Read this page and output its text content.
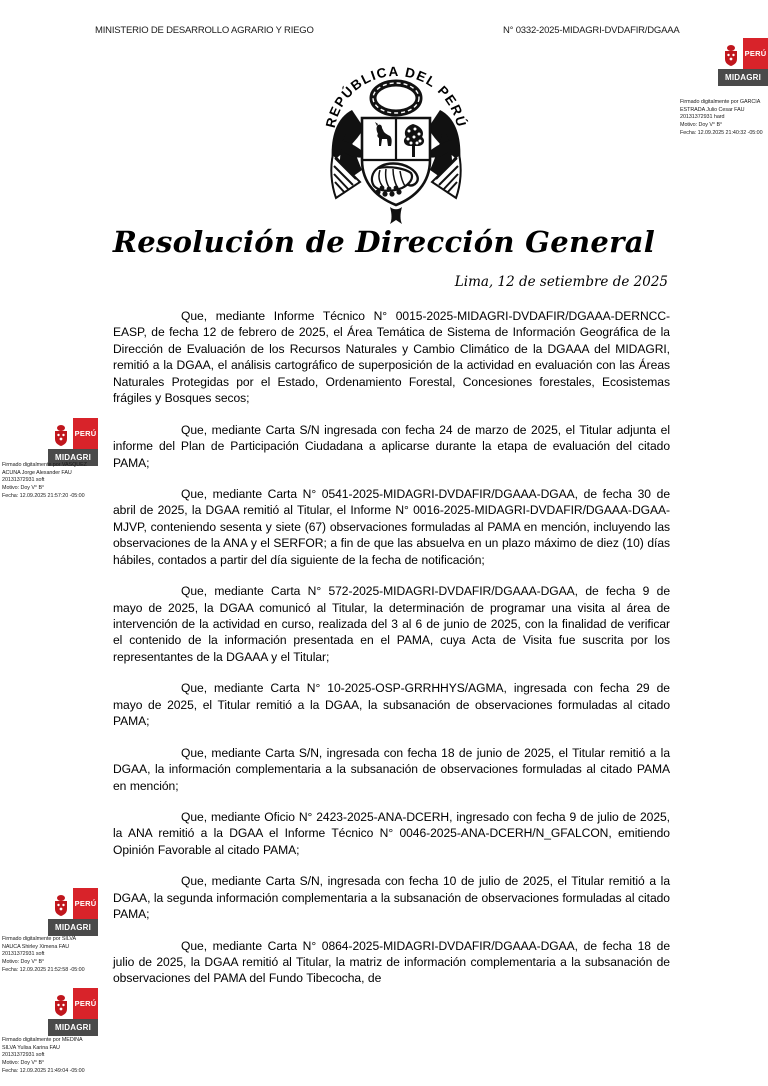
MINISTERIO DE DESARROLLO AGRARIO Y RIEGO	N° 0332-2025-MIDAGRI-DVDAFIR/DGAAA
REPÚBLICA DEL PERÚ
PERÚ
MIDAGRI
Firmado digitalmente por GARCIA
ESTRADA Julio Cesar FAU
20131372931 hard
Motivo: Doy V° B°
Fecha: 12.09.2025 21:40:32 -05:00
PERÚ
MIDAGRI
Firmado digitalmente por VASQUEZ
ACUNA Jorge Alexander FAU
20131372931 soft
Motivo: Doy V° B°
Fecha: 12.09.2025 21:57:20 -05:00
PERÚ
MIDAGRI
Firmado digitalmente por SILVA
NAUCA Shirley Ximena FAU
20131372931 soft
Motivo: Doy V° B°
Fecha: 12.09.2025 21:52:58 -05:00
PERÚ
MIDAGRI
Firmado digitalmente por MEDINA
SILVA Yulisa Karina FAU
20131372931 soft
Motivo: Doy V° B°
Fecha: 12.09.2025 21:49:04 -05:00
Resolución de Dirección General
Lima, 12 de setiembre de 2025

Que, mediante Informe Técnico N° 0015-2025-MIDAGRI-DVDAFIR/DGAAA-DERNCC-EASP, de fecha 12 de febrero de 2025, el Área Temática de Sistema de Información Geográfica de la Dirección de Evaluación de los Recursos Naturales y Cambio Climático de la DGAAA del MIDAGRI, remitió a la DGAA, el análisis cartográfico de superposición de la actividad en evaluación con las Áreas Naturales Protegidas por el Estado, Ordenamiento Forestal, Concesiones forestales, Ecosistemas frágiles y Bosques secos;

Que, mediante Carta S/N ingresada con fecha 24 de marzo de 2025, el Titular adjunta el informe del Plan de Participación Ciudadana a aplicarse durante la etapa de evaluación del citado PAMA;

Que, mediante Carta N° 0541-2025-MIDAGRI-DVDAFIR/DGAAA-DGAA, de fecha 30 de abril de 2025, la DGAA remitió al Titular, el Informe N° 0016-2025-MIDAGRI-DVDAFIR/DGAAA-DGAA-MJVP, conteniendo sesenta y siete (67) observaciones formuladas al PAMA en mención, incluyendo las observaciones de la ANA y el SERFOR; a fin de que las absuelva en un plazo máximo de diez (10) días hábiles, contados a partir del día siguiente de la fecha de notificación;

Que, mediante Carta N° 572-2025-MIDAGRI-DVDAFIR/DGAAA-DGAA, de fecha 9 de mayo de 2025, la DGAA comunicó al Titular, la determinación de programar una visita al área de intervención de la actividad en curso, realizada del 3 al 6 de junio de 2025, con la finalidad de verificar el contenido de la información presentada en el PAMA, cuya Acta de Visita fue suscrita por los representantes de la DGAAA y el Titular;

Que, mediante Carta N° 10-2025-OSP-GRRHHYS/AGMA, ingresada con fecha 29 de mayo de 2025, el Titular remitió a la DGAA, la subsanación de observaciones formuladas al citado PAMA;

Que, mediante Carta S/N, ingresada con fecha 18 de junio de 2025, el Titular remitió a la DGAA, la información complementaria a la subsanación de observaciones formuladas al citado PAMA en mención;

Que, mediante Oficio N° 2423-2025-ANA-DCERH, ingresado con fecha 9 de julio de 2025, la ANA remitió a la DGAA el Informe Técnico N° 0046-2025-ANA-DCERH/N_GFALCON, emitiendo Opinión Favorable al citado PAMA;

Que, mediante Carta S/N, ingresada con fecha 10 de julio de 2025, el Titular remitió a la DGAA, la segunda información complementaria a la subsanación de observaciones formuladas al citado PAMA;

Que, mediante Carta N° 0864-2025-MIDAGRI-DVDAFIR/DGAAA-DGAA, de fecha 18 de julio de 2025, la DGAA remitió al Titular, la matriz de información complementaria a la subsanación de observaciones del PAMA del Fundo Tibecocha, de
